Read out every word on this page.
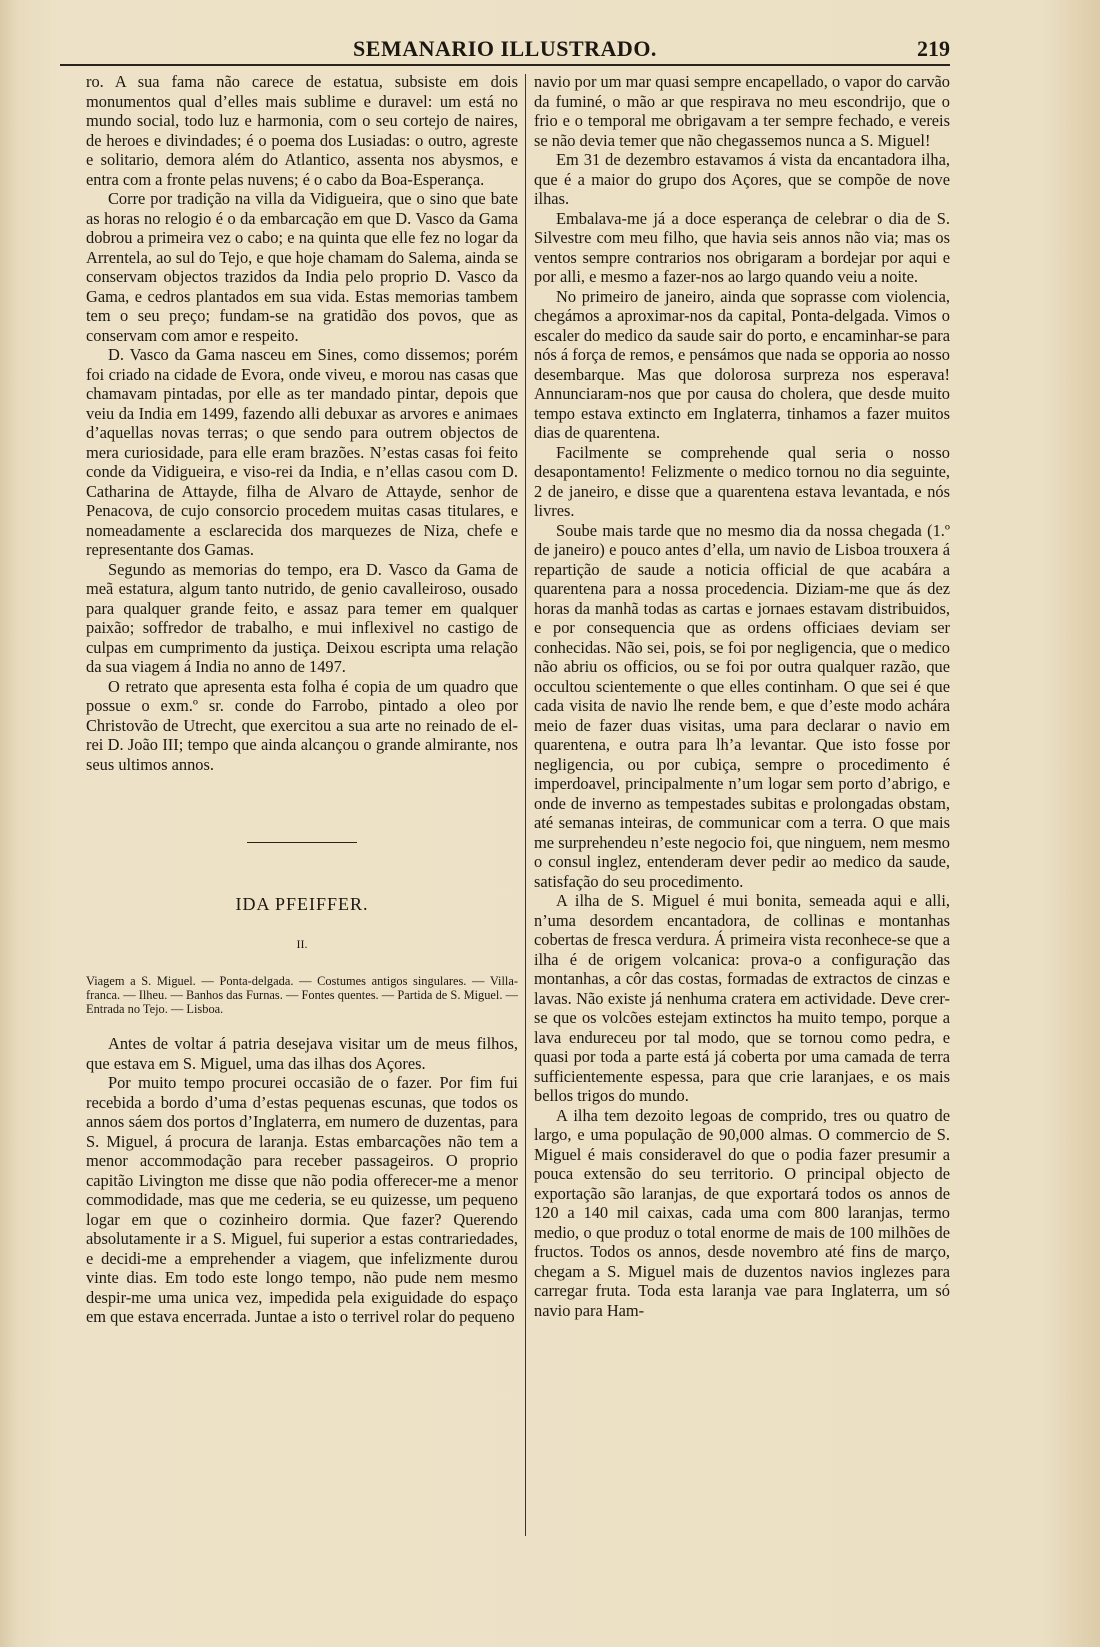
SEMANARIO ILLUSTRADO.	219

ro. A sua fama não carece de estatua, subsiste em dois monumentos qual d’elles mais sublime e duravel: um está no mundo social, todo luz e harmonia, com o seu cortejo de naires, de heroes e divindades; é o poema dos Lusiadas: o outro, agreste e solitario, demora além do Atlantico, assenta nos abysmos, e entra com a fronte pelas nuvens; é o cabo da Boa-Esperança.

Corre por tradição na villa da Vidigueira, que o sino que bate as horas no relogio é o da embarcação em que D. Vasco da Gama dobrou a primeira vez o cabo; e na quinta que elle fez no logar da Arrentela, ao sul do Tejo, e que hoje chamam do Salema, ainda se conservam objectos trazidos da India pelo proprio D. Vasco da Gama, e cedros plantados em sua vida. Estas memorias tambem tem o seu preço; fundam-se na gratidão dos povos, que as conservam com amor e respeito.

D. Vasco da Gama nasceu em Sines, como dissemos; porém foi criado na cidade de Evora, onde viveu, e morou nas casas que chamavam pintadas, por elle as ter mandado pintar, depois que veiu da India em 1499, fazendo alli debuxar as arvores e animaes d’aquellas novas terras; o que sendo para outrem objectos de mera curiosidade, para elle eram brazões. N’estas casas foi feito conde da Vidigueira, e viso-rei da India, e n’ellas casou com D. Catharina de Attayde, filha de Alvaro de Attayde, senhor de Penacova, de cujo consorcio procedem muitas casas titulares, e nomeadamente a esclarecida dos marquezes de Niza, chefe e representante dos Gamas.

Segundo as memorias do tempo, era D. Vasco da Gama de meã estatura, algum tanto nutrido, de genio cavalleiroso, ousado para qualquer grande feito, e assaz para temer em qualquer paixão; soffredor de trabalho, e mui inflexivel no castigo de culpas em cumprimento da justiça. Deixou escripta uma relação da sua viagem á India no anno de 1497.

O retrato que apresenta esta folha é copia de um quadro que possue o exm.º sr. conde do Farrobo, pintado a oleo por Christovão de Utrecht, que exercitou a sua arte no reinado de el-rei D. João III; tempo que ainda alcançou o grande almirante, nos seus ultimos annos.

IDA PFEIFFER.
II.
Viagem a S. Miguel. — Ponta-delgada. — Costumes antigos singulares. — Villa-franca. — Ilheu. — Banhos das Furnas. — Fontes quentes. — Partida de S. Miguel. — Entrada no Tejo. — Lisboa.

Antes de voltar á patria desejava visitar um de meus filhos, que estava em S. Miguel, uma das ilhas dos Açores.

Por muito tempo procurei occasião de o fazer. Por fim fui recebida a bordo d’uma d’estas pequenas escunas, que todos os annos sáem dos portos d’Inglaterra, em numero de duzentas, para S. Miguel, á procura de laranja. Estas embarcações não tem a menor accommodação para receber passageiros. O proprio capitão Livington me disse que não podia offerecer-me a menor commodidade, mas que me cederia, se eu quizesse, um pequeno logar em que o cozinheiro dormia. Que fazer? Querendo absolutamente ir a S. Miguel, fui superior a estas contrariedades, e decidi-me a emprehender a viagem, que infelizmente durou vinte dias. Em todo este longo tempo, não pude nem mesmo despir-me uma unica vez, impedida pela exiguidade do espaço em que estava encerrada. Juntae a isto o terrivel rolar do pequeno

navio por um mar quasi sempre encapellado, o vapor do carvão da fuminé, o mão ar que respirava no meu escondrijo, que o frio e o temporal me obrigavam a ter sempre fechado, e vereis se não devia temer que não chegassemos nunca a S. Miguel!

Em 31 de dezembro estavamos á vista da encantadora ilha, que é a maior do grupo dos Açores, que se compõe de nove ilhas.

Embalava-me já a doce esperança de celebrar o dia de S. Silvestre com meu filho, que havia seis annos não via; mas os ventos sempre contrarios nos obrigaram a bordejar por aqui e por alli, e mesmo a fazer-nos ao largo quando veiu a noite.

No primeiro de janeiro, ainda que soprasse com violencia, chegámos a aproximar-nos da capital, Ponta-delgada. Vimos o escaler do medico da saude sair do porto, e encaminhar-se para nós á força de remos, e pensámos que nada se opporia ao nosso desembarque. Mas que dolorosa surpreza nos esperava! Annunciaram-nos que por causa do cholera, que desde muito tempo estava extincto em Inglaterra, tinhamos a fazer muitos dias de quarentena.

Facilmente se comprehende qual seria o nosso desapontamento! Felizmente o medico tornou no dia seguinte, 2 de janeiro, e disse que a quarentena estava levantada, e nós livres.

Soube mais tarde que no mesmo dia da nossa chegada (1.º de janeiro) e pouco antes d’ella, um navio de Lisboa trouxera á repartição de saude a noticia official de que acabára a quarentena para a nossa procedencia. Diziam-me que ás dez horas da manhã todas as cartas e jornaes estavam distribuidos, e por consequencia que as ordens officiaes deviam ser conhecidas. Não sei, pois, se foi por negligencia, que o medico não abriu os officios, ou se foi por outra qualquer razão, que occultou scientemente o que elles continham. O que sei é que cada visita de navio lhe rende bem, e que d’este modo achára meio de fazer duas visitas, uma para declarar o navio em quarentena, e outra para lh’a levantar. Que isto fosse por negligencia, ou por cubiça, sempre o procedimento é imperdoavel, principalmente n’um logar sem porto d’abrigo, e onde de inverno as tempestades subitas e prolongadas obstam, até semanas inteiras, de communicar com a terra. O que mais me surprehendeu n’este negocio foi, que ninguem, nem mesmo o consul inglez, entenderam dever pedir ao medico da saude, satisfação do seu procedimento.

A ilha de S. Miguel é mui bonita, semeada aqui e alli, n’uma desordem encantadora, de collinas e montanhas cobertas de fresca verdura. Á primeira vista reconhece-se que a ilha é de origem volcanica: prova-o a configuração das montanhas, a côr das costas, formadas de extractos de cinzas e lavas. Não existe já nenhuma cratera em actividade. Deve crer-se que os volcões estejam extinctos ha muito tempo, porque a lava endureceu por tal modo, que se tornou como pedra, e quasi por toda a parte está já coberta por uma camada de terra sufficientemente espessa, para que crie laranjaes, e os mais bellos trigos do mundo.

A ilha tem dezoito legoas de comprido, tres ou quatro de largo, e uma população de 90,000 almas. O commercio de S. Miguel é mais consideravel do que o podia fazer presumir a pouca extensão do seu territorio. O principal objecto de exportação são laranjas, de que exportará todos os annos de 120 a 140 mil caixas, cada uma com 800 laranjas, termo medio, o que produz o total enorme de mais de 100 milhões de fructos. Todos os annos, desde novembro até fins de março, chegam a S. Miguel mais de duzentos navios inglezes para carregar fruta. Toda esta laranja vae para Inglaterra, um só navio para Ham-
